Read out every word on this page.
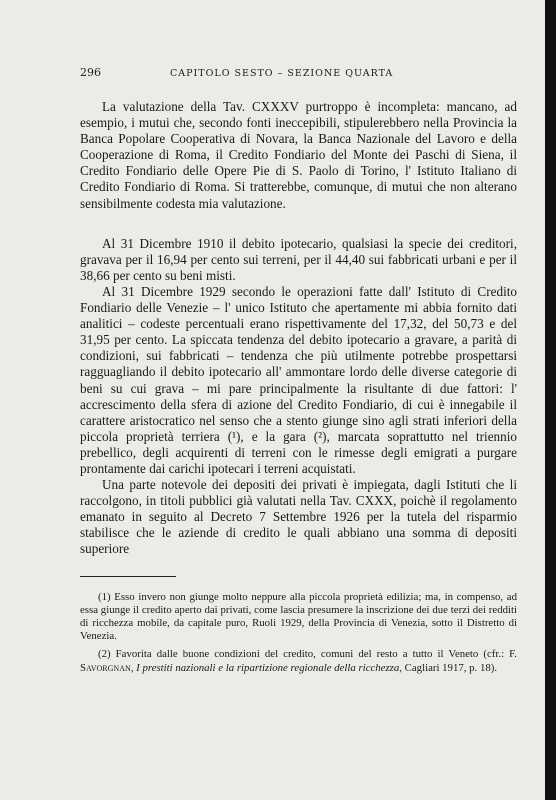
296	CAPITOLO SESTO – SEZIONE QUARTA

La valutazione della Tav. CXXXV purtroppo è incompleta: mancano, ad esempio, i mutui che, secondo fonti ineccepibili, stipulerebbero nella Provincia la Banca Popolare Cooperativa di Novara, la Banca Nazionale del Lavoro e della Cooperazione di Roma, il Credito Fondiario del Monte dei Paschi di Siena, il Credito Fondiario delle Opere Pie di S. Paolo di Torino, l' Istituto Italiano di Credito Fondiario di Roma. Si tratterebbe, comunque, di mutui che non alterano sensibilmente codesta mia valutazione.

Al 31 Dicembre 1910 il debito ipotecario, qualsiasi la specie dei creditori, gravava per il 16,94 per cento sui terreni, per il 44,40 sui fabbricati urbani e per il 38,66 per cento su beni misti.

Al 31 Dicembre 1929 secondo le operazioni fatte dall' Istituto di Credito Fondiario delle Venezie – l' unico Istituto che apertamente mi abbia fornito dati analitici – codeste percentuali erano rispettivamente del 17,32, del 50,73 e del 31,95 per cento. La spiccata tendenza del debito ipotecario a gravare, a parità di condizioni, sui fabbricati – tendenza che più utilmente potrebbe prospettarsi ragguagliando il debito ipotecario all' ammontare lordo delle diverse categorie di beni su cui grava – mi pare principalmente la risultante di due fattori: l' accrescimento della sfera di azione del Credito Fondiario, di cui è innegabile il carattere aristocratico nel senso che a stento giunge sino agli strati inferiori della piccola proprietà terriera (¹), e la gara (²), marcata soprattutto nel triennio prebellico, degli acquirenti di terreni con le rimesse degli emigrati a purgare prontamente dai carichi ipotecari i terreni acquistati.

Una parte notevole dei depositi dei privati è impiegata, dagli Istituti che li raccolgono, in titoli pubblici già valutati nella Tav. CXXX, poichè il regolamento emanato in seguito al Decreto 7 Settembre 1926 per la tutela del risparmio stabilisce che le aziende di credito le quali abbiano una somma di depositi superiore

(1) Esso invero non giunge molto neppure alla piccola proprietà edilizia; ma, in compenso, ad essa giunge il credito aperto dai privati, come lascia presumere la inscrizione dei due terzi dei redditi di ricchezza mobile, da capitale puro, Ruoli 1929, della Provincia di Venezia, sotto il Distretto di Venezia.

(2) Favorita dalle buone condizioni del credito, comuni del resto a tutto il Veneto (cfr.: F. Savorgnan, I prestiti nazionali e la ripartizione regionale della ricchezza, Cagliari 1917, p. 18).
